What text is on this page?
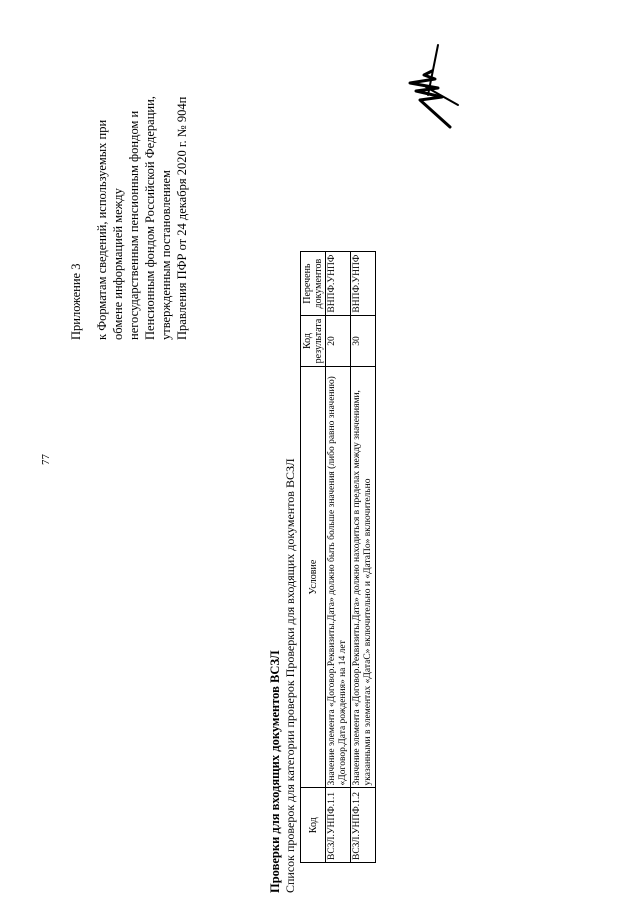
77
Приложение 3 к Форматам сведений, используемых при обмене информацией между негосударственным пенсионным фондом и Пенсионным фондом Российской Федерации, утвержденным постановлением Правления ПФР от 24 декабря 2020 г. № 904п
Проверки для входящих документов ВСЗЛ Список проверок для категории проверок Проверки для входящих документов ВСЗЛ Код	Условие	Код результата	Перечень документов
ВСЗЛ.УНПФ.1.1	Значение элемента «Договор.Реквизиты.Дата» должно быть больше значения (либо равно значению) «Договор.Дата рождения» на 14 лет	20	ВНПФ.УНПФ
ВСЗЛ.УНПФ.1.2	Значение элемента «Договор.Реквизиты.Дата» должно находиться в пределах между значениями, указанными в элементах «ДатаС» включительно и «ДатаПо» включительно	30	ВНПФ.УНПФ
